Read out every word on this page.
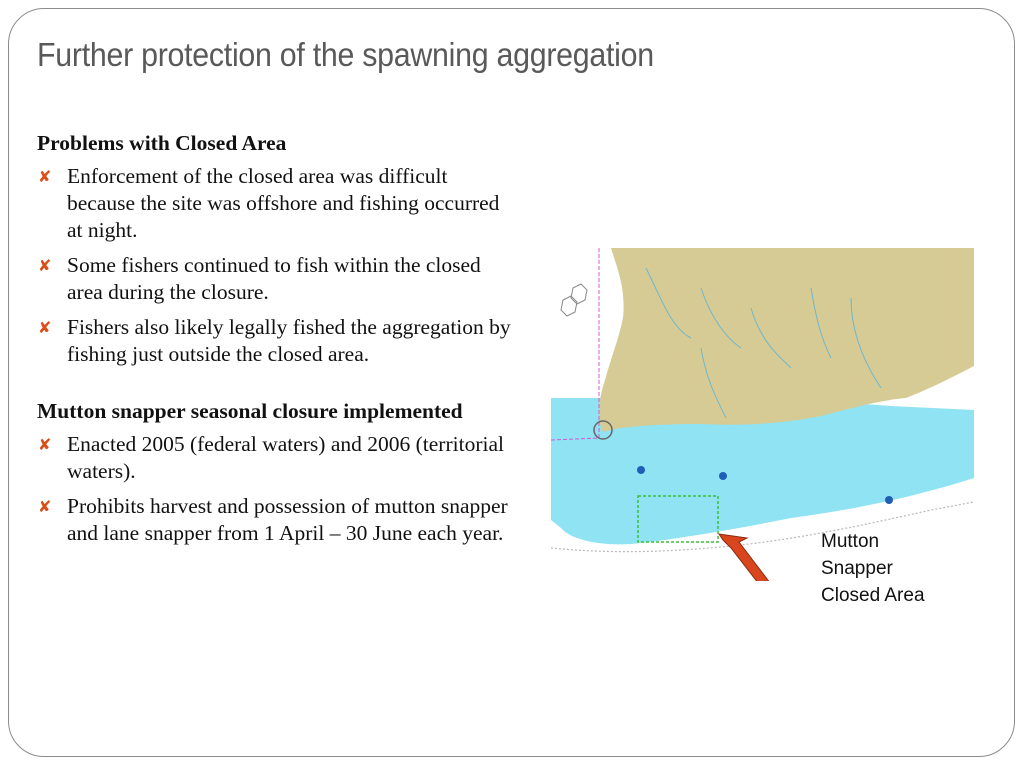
Further protection of the spawning aggregation
Problems with Closed Area
✘ Enforcement of the closed area was difficult because the site was offshore and fishing occurred at night.
✘ Some fishers continued to fish within the closed area during the closure.
✘ Fishers also likely legally fished the aggregation by fishing just outside the closed area.
Mutton snapper seasonal closure implemented
✘ Enacted 2005 (federal waters) and 2006 (territorial waters).
✘ Prohibits harvest and possession of mutton snapper and lane snapper from 1 April – 30 June each year.	Mutton
Snapper
Closed Area
